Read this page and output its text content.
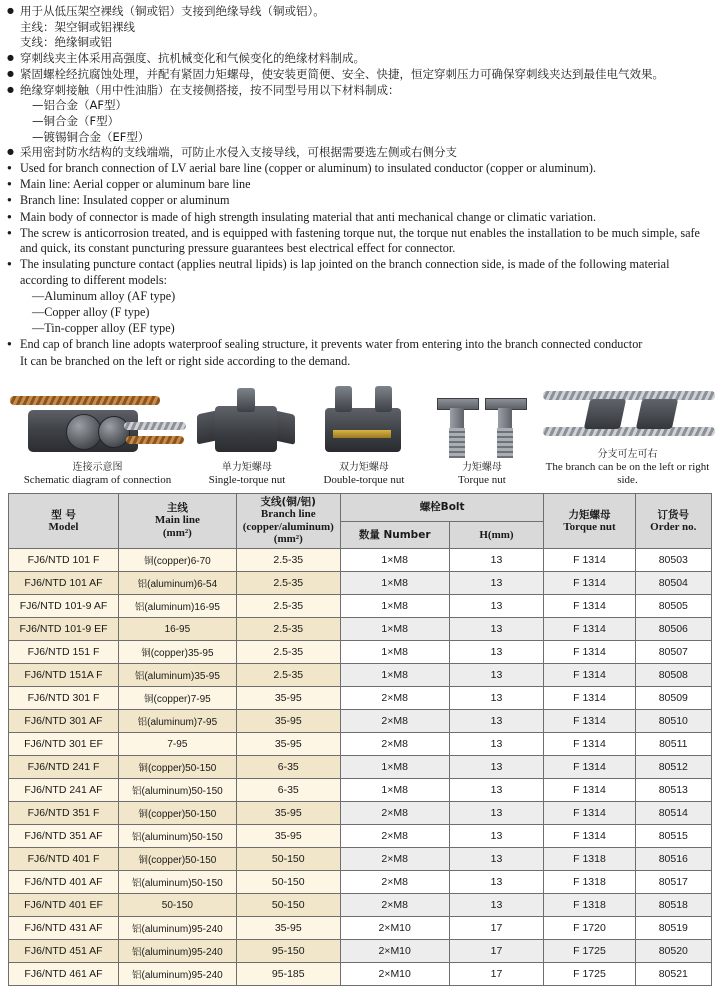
● 用于从低压架空裸线（铜或铝）支接到绝缘导线（铜或铝）。

主线：架空铜或铝裸线

支线：绝缘铜或铝

● 穿刺线夹主体采用高强度、抗机械变化和气候变化的绝缘材料制成。

● 紧固螺栓经抗腐蚀处理，并配有紧固力矩螺母，使安装更简便、安全、快捷，恒定穿刺压力可确保穿刺线夹达到最佳电气效果。

● 绝缘穿刺接触（用中性油脂）在支接侧搭接，按不同型号用以下材料制成：

—铝合金（AF型）

—铜合金（F型）

—镀锡铜合金（EF型）

● 采用密封防水结构的支线端端，可防止水侵入支接导线，可根据需要选左侧或右侧分支

● Used for branch connection of LV aerial bare line (copper or aluminum) to insulated conductor (copper or aluminum).

● Main line: Aerial copper or aluminum bare line

● Branch line: Insulated copper or aluminum

● Main body of connector is made of high strength insulating material that anti mechanical change or climatic variation.

● The screw is anticorrosion treated, and is equipped with fastening torque nut, the torque nut enables the installation to be much simple, safe and quick, its constant puncturing pressure guarantees best electrical effect for connector.

● The insulating puncture contact (applies neutral lipids) is lap jointed on the branch connection side, is made of the following material according to different models:

—Aluminum alloy (AF type)

—Copper alloy (F type)

—Tin-copper alloy (EF type)

● End cap of branch line adopts waterproof sealing structure, it prevents water from entering into the branch connected conductor

It can be branched on the left or right side according to the demand.

连接示意图
Schematic diagram of connection
单力矩螺母
Single-torque nut
双力矩螺母
Double-torque nut
力矩螺母
Torque nut
分支可左可右
The branch can be on the left or right side.
型 号
Model	主线
Main line
(mm²)	支线(铜/铝)
Branch line
(copper/aluminum)
(mm²)	螺栓Bolt		力矩螺母
Torque nut	订货号
Order no.

			数量 Number	H(mm)		

FJ6/NTD 101 F	铜(copper)6-70	2.5-35	1×M8	13	F 1314	80503
FJ6/NTD 101 AF	铝(aluminum)6-54	2.5-35	1×M8	13	F 1314	80504
FJ6/NTD 101-9 AF	铝(aluminum)16-95	2.5-35	1×M8	13	F 1314	80505
FJ6/NTD 101-9 EF	16-95	2.5-35	1×M8	13	F 1314	80506
FJ6/NTD 151 F	铜(copper)35-95	2.5-35	1×M8	13	F 1314	80507
FJ6/NTD 151A F	铝(aluminum)35-95	2.5-35	1×M8	13	F 1314	80508
FJ6/NTD 301 F	铜(copper)7-95	35-95	2×M8	13	F 1314	80509
FJ6/NTD 301 AF	铝(aluminum)7-95	35-95	2×M8	13	F 1314	80510
FJ6/NTD 301 EF	7-95	35-95	2×M8	13	F 1314	80511
FJ6/NTD 241 F	铜(copper)50-150	6-35	1×M8	13	F 1314	80512
FJ6/NTD 241 AF	铝(aluminum)50-150	6-35	1×M8	13	F 1314	80513
FJ6/NTD 351 F	铜(copper)50-150	35-95	2×M8	13	F 1314	80514
FJ6/NTD 351 AF	铝(aluminum)50-150	35-95	2×M8	13	F 1314	80515
FJ6/NTD 401 F	铜(copper)50-150	50-150	2×M8	13	F 1318	80516
FJ6/NTD 401 AF	铝(aluminum)50-150	50-150	2×M8	13	F 1318	80517
FJ6/NTD 401 EF	50-150	50-150	2×M8	13	F 1318	80518
FJ6/NTD 431 AF	铝(aluminum)95-240	35-95	2×M10	17	F 1720	80519
FJ6/NTD 451 AF	铝(aluminum)95-240	95-150	2×M10	17	F 1725	80520
FJ6/NTD 461 AF	铝(aluminum)95-240	95-185	2×M10	17	F 1725	80521
